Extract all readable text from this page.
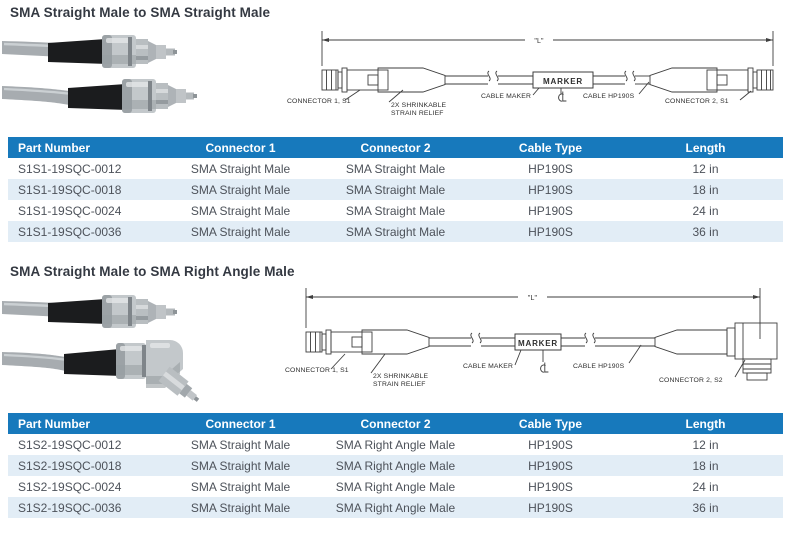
SMA Straight Male to SMA Straight Male
"L"
MARKER
CONNECTOR 1, S1
2X SHRINKABLE
STRAIN RELIEF
CABLE MAKER	CABLE HP190S
CONNECTOR 2, S1
Part Number	Connector 1	Connector 2	Cable Type	Length
S1S1-19SQC-0012	SMA Straight Male	SMA Straight Male	HP190S	12 in
S1S1-19SQC-0018	SMA Straight Male	SMA Straight Male	HP190S	18 in
S1S1-19SQC-0024	SMA Straight Male	SMA Straight Male	HP190S	24 in
S1S1-19SQC-0036	SMA Straight Male	SMA Straight Male	HP190S	36 in
SMA Straight Male to SMA Right Angle Male
"L"
MARKER
CONNECTOR 1, S1
2X SHRINKABLE
STRAIN RELIEF
CABLE MAKER	CABLE HP190S
CONNECTOR 2, S2
Part Number	Connector 1	Connector 2	Cable Type	Length
S1S2-19SQC-0012	SMA Straight Male	SMA Right Angle Male	HP190S	12 in
S1S2-19SQC-0018	SMA Straight Male	SMA Right Angle Male	HP190S	18 in
S1S2-19SQC-0024	SMA Straight Male	SMA Right Angle Male	HP190S	24 in
S1S2-19SQC-0036	SMA Straight Male	SMA Right Angle Male	HP190S	36 in
